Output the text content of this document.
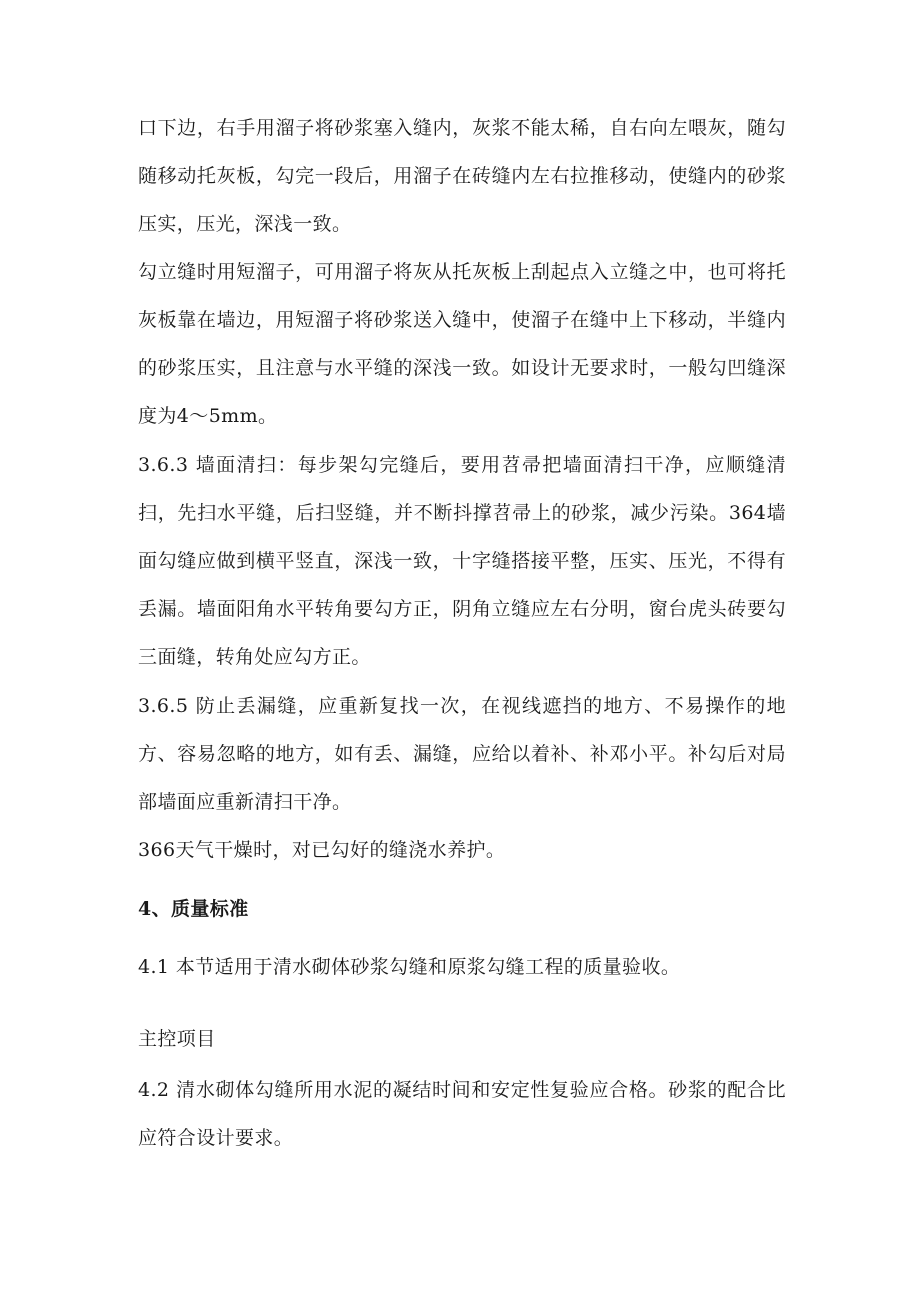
口下边，右手用溜子将砂浆塞入缝内，灰浆不能太稀，自右向左喂灰，随勾随移动托灰板，勾完一段后，用溜子在砖缝内左右拉推移动，使缝内的砂浆压实，压光，深浅一致。

勾立缝时用短溜子，可用溜子将灰从托灰板上刮起点入立缝之中，也可将托灰板靠在墙边，用短溜子将砂浆送入缝中，使溜子在缝中上下移动，半缝内的砂浆压实，且注意与水平缝的深浅一致。如设计无要求时，一般勾凹缝深度为4～5mm。

3.6.3 墙面清扫：每步架勾完缝后，要用苕帚把墙面清扫干净，应顺缝清扫，先扫水平缝，后扫竖缝，并不断抖撑苕帚上的砂浆，减少污染。364墙面勾缝应做到横平竖直，深浅一致，十字缝搭接平整，压实、压光，不得有丢漏。墙面阳角水平转角要勾方正，阴角立缝应左右分明，窗台虎头砖要勾三面缝，转角处应勾方正。

3.6.5 防止丢漏缝，应重新复找一次，在视线遮挡的地方、不易操作的地方、容易忽略的地方，如有丢、漏缝，应给以着补、补邓小平。补勾后对局部墙面应重新清扫干净。

366天气干燥时，对已勾好的缝浇水养护。

4、质量标准

4.1 本节适用于清水砌体砂浆勾缝和原浆勾缝工程的质量验收。

主控项目

4.2 清水砌体勾缝所用水泥的凝结时间和安定性复验应合格。砂浆的配合比应符合设计要求。
